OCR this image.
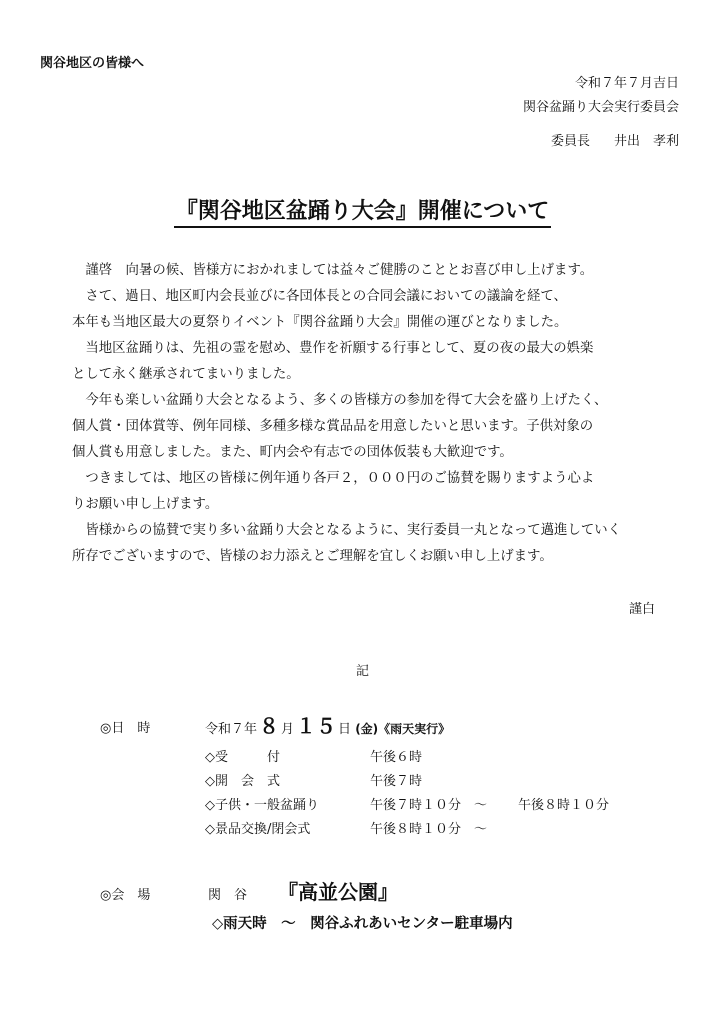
関谷地区の皆様へ
令和７年７月吉日
関谷盆踊り大会実行委員会
委員長 井出　孝利
『関谷地区盆踊り大会』開催について

　謹啓　向暑の候、皆様方におかれましては益々ご健勝のこととお喜び申し上げます。

　さて、過日、地区町内会長並びに各団体長との合同会議においての議論を経て、

本年も当地区最大の夏祭りイベント『関谷盆踊り大会』開催の運びとなりました。

　当地区盆踊りは、先祖の霊を慰め、豊作を祈願する行事として、夏の夜の最大の娯楽

として永く継承されてまいりました。

　今年も楽しい盆踊り大会となるよう、多くの皆様方の参加を得て大会を盛り上げたく、

個人賞・団体賞等、例年同様、多種多様な賞品品を用意したいと思います。子供対象の

個人賞も用意しました。また、町内会や有志での団体仮装も大歓迎です。

　つきましては、地区の皆様に例年通り各戸２，０００円のご協賛を賜りますよう心よ

りお願い申し上げます。

　皆様からの協賛で実り多い盆踊り大会となるように、実行委員一丸となって邁進していく

所存でございますので、皆様のお力添えとご理解を宜しくお願い申し上げます。

謹白
記
◎日　時	令和７年 ８ 月 １５ 日 (金)《雨天実行》
◇受　　　付	午後６時	
◇開　会　式	午後７時	
◇子供・一般盆踊り	午後７時１０分　〜	午後８時１０分
◇景品交換/閉会式	午後８時１０分　〜	
◎会　場	関　谷 『高並公園』
◇雨天時　〜　関谷ふれあいセンター駐車場内
